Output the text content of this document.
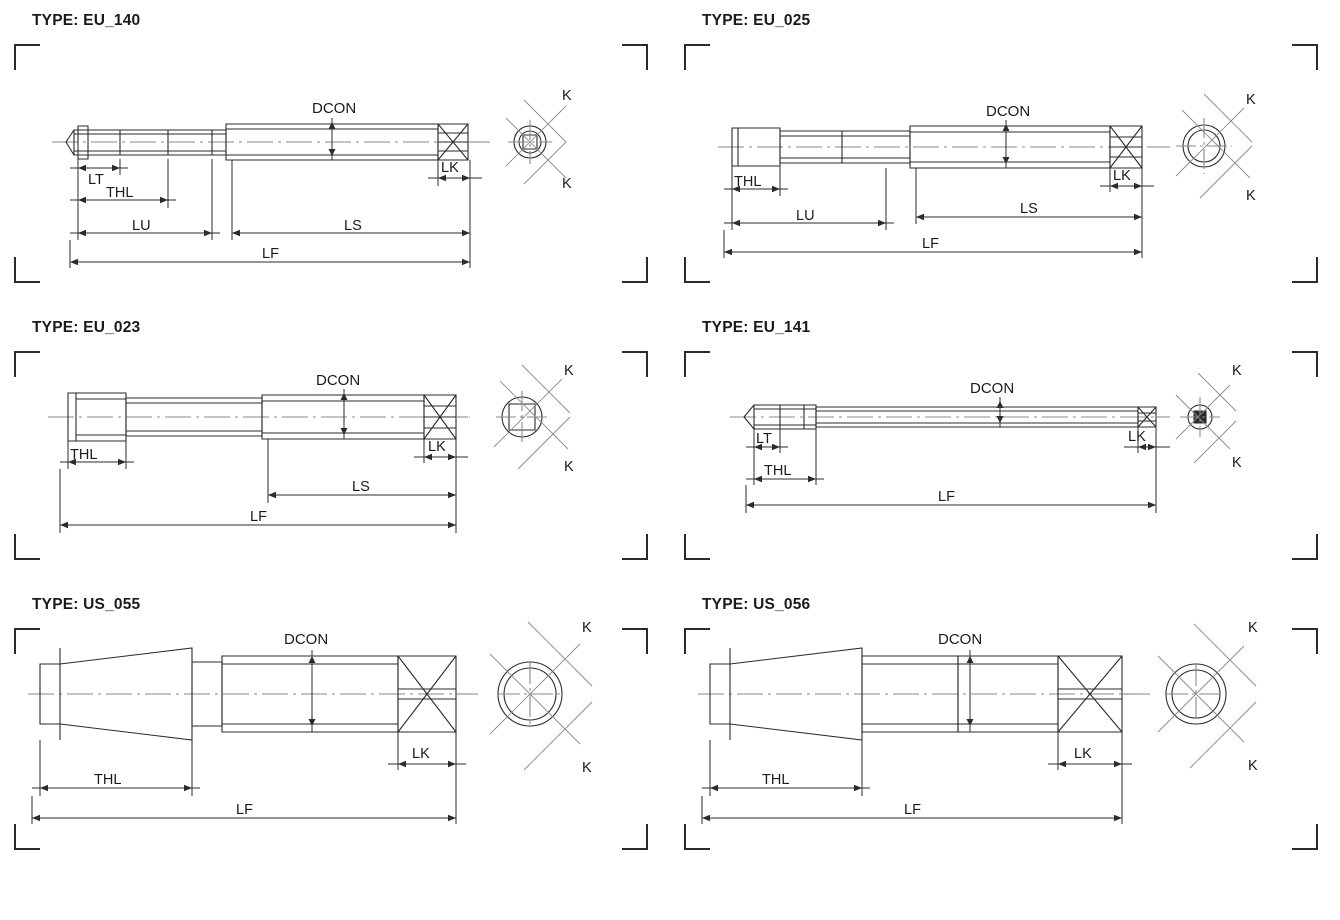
TYPE: EU_140
DCON
LT
THL
LU	LS
LK
LF
K
K
TYPE: EU_025
DCON
THL
LU	LS
LK
LF
K
K
TYPE: EU_023
DCON
THL
LS
LK
LF
K
K
TYPE: EU_141
DCON
LT
THL
LK
LF
K
K
TYPE: US_055
DCON
THL
LK
LF
K
K
TYPE: US_056
DCON
THL
LK
LF
K
K
